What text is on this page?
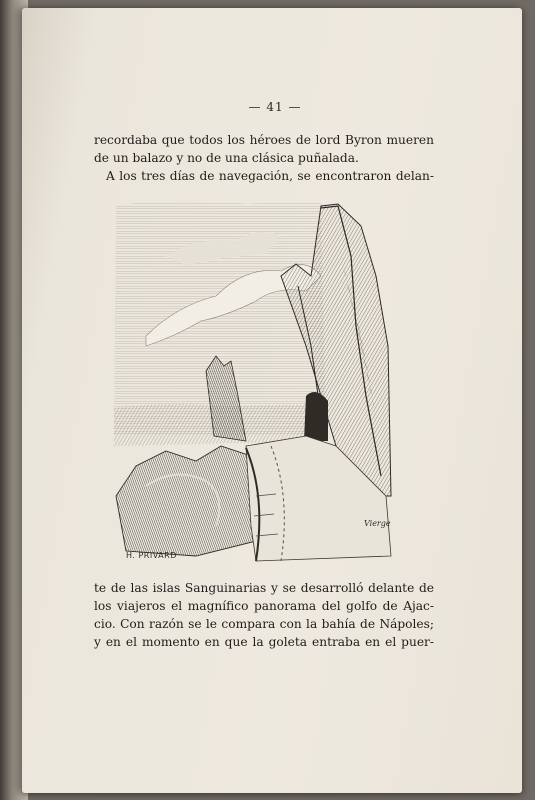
— 41 —
recordaba que todos los héroes de lord Byron mueren
de un balazo y no de una clásica puñalada.
A los tres días de navegación, se encontraron delan-
H. PRIVARD
Vierge
te de las islas Sanguinarias y se desarrolló delante de
los viajeros el magnífico panorama del golfo de Ajac-
cio. Con razón se le compara con la bahía de Nápoles;
y en el momento en que la goleta entraba en el puer-
